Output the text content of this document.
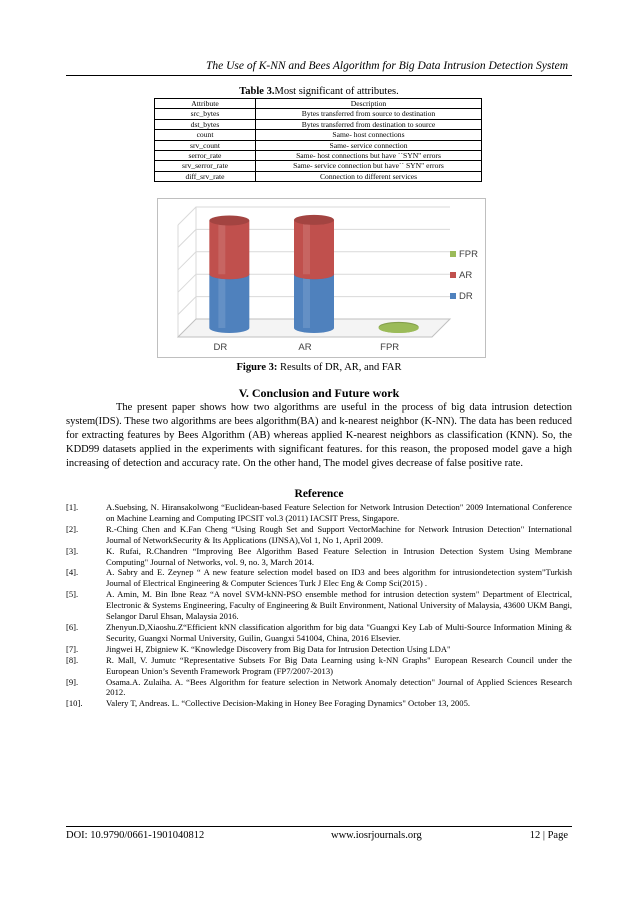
The Use of K-NN and Bees Algorithm for Big Data Intrusion Detection System
Table 3.Most significant of attributes.
Attribute	Description
src_bytes	Bytes transferred from source to destination
dst_bytes	Bytes transferred from destination to source
count	Same- host connections
srv_count	Same- service connection
serror_rate	Same- host connections but have ``SYN" errors
srv_serror_rate	Same- service connection but have`` SYN" errors
diff_srv_rate	Connection to different services
DR	AR	FPR
FPR
AR
DR
Figure 3: Results of DR, AR, and FAR
V. Conclusion and Future work

The present paper shows how two algorithms are useful in the process of big data intrusion detection system(IDS). These two algorithms are bees algorithm(BA) and k-nearest neighbor (K-NN). The data has been reduced for extracting features by Bees Algorithm (AB) whereas applied K-nearest neighbors as classification (KNN). So, the KDD99 datasets applied in the experiments with significant features. for this reason, the proposed model gave a high increasing of detection and accuracy rate. On the other hand, The model gives decrease of false positive rate.

Reference
[1].	A.Suebsing, N. Hiransakolwong “Euclidean-based Feature Selection for Network Intrusion Detection" 2009 International Conference on Machine Learning and Computing IPCSIT vol.3 (2011) IACSIT Press, Singapore.
[2].	R.-Ching Chen and K.Fan Cheng “Using Rough Set and Support VectorMachine for Network Intrusion Detection" International Journal of NetworkSecurity & Its Applications (IJNSA),Vol 1, No 1, April 2009.
[3].	K. Rufai, R.Chandren “Improving Bee Algorithm Based Feature Selection in Intrusion Detection System Using Membrane Computing" Journal of Networks, vol. 9, no. 3, March 2014.
[4].	A. Sabry and E. Zeynep “ A new feature selection model based on ID3 and bees algorithm for intrusiondetection system"Turkish Journal of Electrical Engineering & Computer Sciences Turk J Elec Eng & Comp Sci(2015) .
[5].	A. Amin, M. Bin Ibne Reaz “A novel SVM-kNN-PSO ensemble method for intrusion detection system" Department of Electrical, Electronic & Systems Engineering, Faculty of Engineering & Built Environment, National University of Malaysia, 43600 UKM Bangi, Selangor Darul Ehsan, Malaysia 2016.
[6].	Zhenyun.D,Xiaoshu.Z“Efficient kNN classification algorithm for big data "Guangxi Key Lab of Multi-Source Information Mining & Security, Guangxi Normal University, Guilin, Guangxi 541004, China, 2016 Elsevier.
[7].	Jingwei H, Zbigniew K. “Knowledge Discovery from Big Data for Intrusion Detection Using LDA"
[8].	R. Mall, V. Jumutc “Representative Subsets For Big Data Learning using k-NN Graphs" European Research Council under the European Union’s Seventh Framework Program (FP7/2007-2013)
[9].	Osama.A. Zulaiha. A. “Bees Algorithm for feature selection in Network Anomaly detection" Journal of Applied Sciences Research 2012.
[10].	Valery T, Andreas. L. “Collective Decision-Making in Honey Bee Foraging Dynamics" October 13, 2005.
DOI: 10.9790/0661-1901040812	www.iosrjournals.org	12 | Page
